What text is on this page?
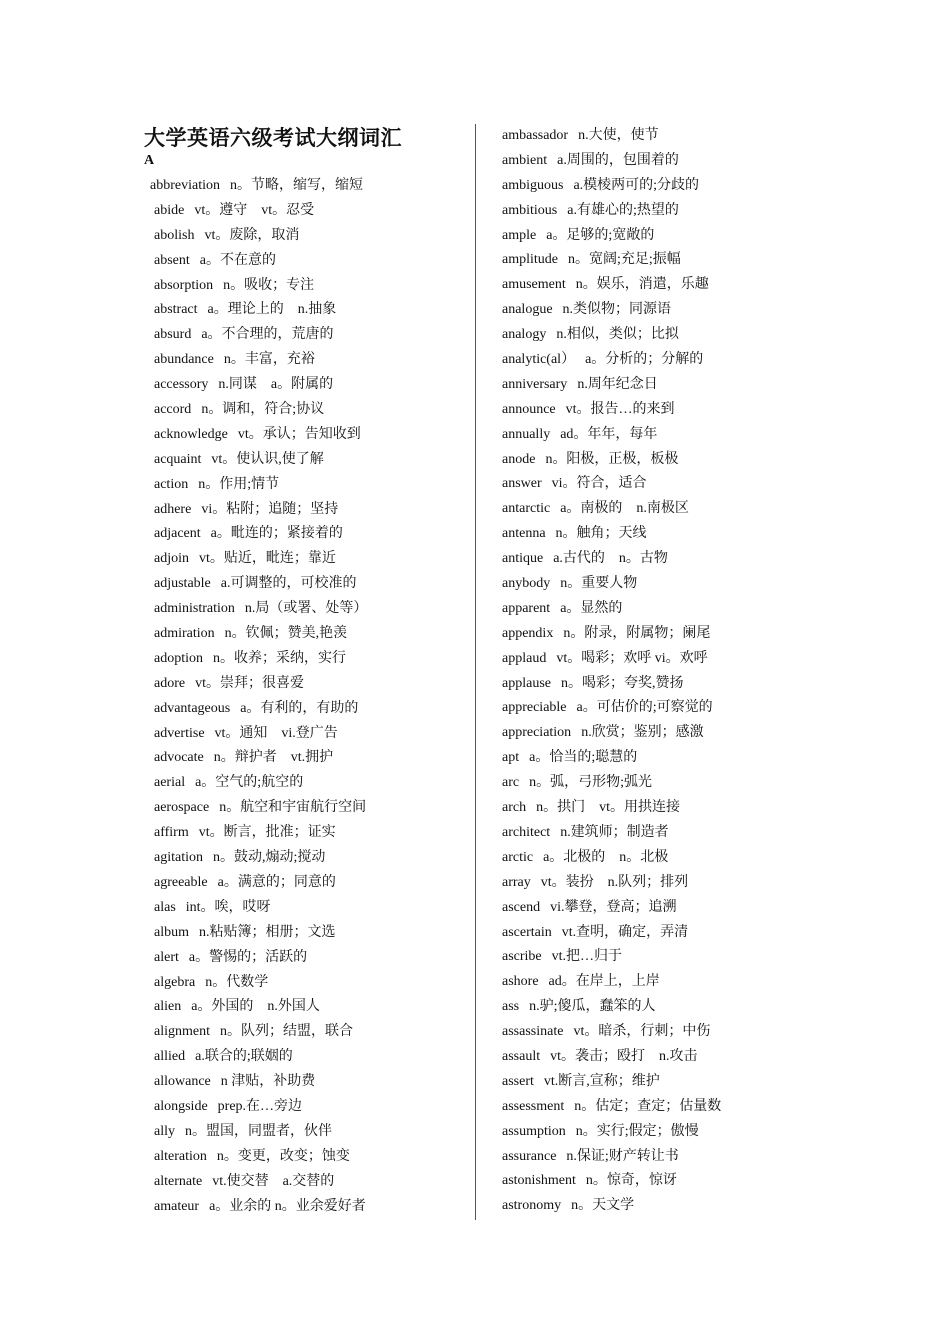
大学英语六级考试大纲词汇
A
abbreviation n。节略，缩写，缩短
abide vt。遵守　vt。忍受
abolish vt。废除，取消
absent a。不在意的
absorption n。吸收；专注
abstract a。理论上的　n.抽象
absurd a。不合理的，荒唐的
abundance n。丰富，充裕
accessory n.同谋　a。附属的
accord n。调和，符合;协议
acknowledge vt。承认；告知收到
acquaint vt。使认识,使了解
action n。作用;情节
adhere vi。粘附；追随；坚持
adjacent a。毗连的；紧接着的
adjoin vt。贴近，毗连；靠近
adjustable a.可调整的，可校准的
administration n.局（或署、处等）
admiration n。钦佩；赞美,艳羡
adoption n。收养；采纳，实行
adore vt。崇拜；很喜爱
advantageous a。有利的，有助的
advertise vt。通知　vi.登广告
advocate n。辩护者　vt.拥护
aerial a。空气的;航空的
aerospace n。航空和宇宙航行空间
affirm vt。断言，批准；证实
agitation n。鼓动,煽动;搅动
agreeable a。满意的；同意的
alas int。唉，哎呀
album n.粘贴簿；相册；文选
alert a。警惕的；活跃的
algebra n。代数学
alien a。外国的　n.外国人
alignment n。队列；结盟，联合
allied a.联合的;联姻的
allowance n 津贴，补助费
alongside prep.在…旁边
ally n。盟国，同盟者，伙伴
alteration n。变更，改变；蚀变
alternate vt.使交替　a.交替的
amateur a。业余的 n。业余爱好者
ambassador n.大使，使节
ambient a.周围的，包围着的
ambiguous a.模棱两可的;分歧的
ambitious a.有雄心的;热望的
ample a。足够的;宽敞的
amplitude n。宽阔;充足;振幅
amusement n。娱乐，消遣，乐趣
analogue n.类似物；同源语
analogy n.相似，类似；比拟
analytic(al） a。分析的；分解的
anniversary n.周年纪念日
announce vt。报告…的来到
annually ad。年年，每年
anode n。阳极，正极，板极
answer vi。符合，适合
antarctic a。南极的　n.南极区
antenna n。触角；天线
antique a.古代的　n。古物
anybody n。重要人物
apparent a。显然的
appendix n。附录，附属物；阑尾
applaud vt。喝彩；欢呼 vi。欢呼
applause n。喝彩；夸奖,赞扬
appreciable a。可估价的;可察觉的
appreciation n.欣赏；鉴别；感激
apt a。恰当的;聪慧的
arc n。弧，弓形物;弧光
arch n。拱门　vt。用拱连接
architect n.建筑师；制造者
arctic a。北极的　n。北极
array vt。装扮　n.队列；排列
ascend vi.攀登，登高；追溯
ascertain vt.查明，确定，弄清
ascribe vt.把…归于
ashore ad。在岸上，上岸
ass n.驴;傻瓜，蠢笨的人
assassinate vt。暗杀，行刺；中伤
assault vt。袭击；殴打　n.攻击
assert vt.断言,宣称；维护
assessment n。估定；查定；估量数
assumption n。实行;假定；傲慢
assurance n.保证;财产转让书
astonishment n。惊奇，惊讶
astronomy n。天文学
